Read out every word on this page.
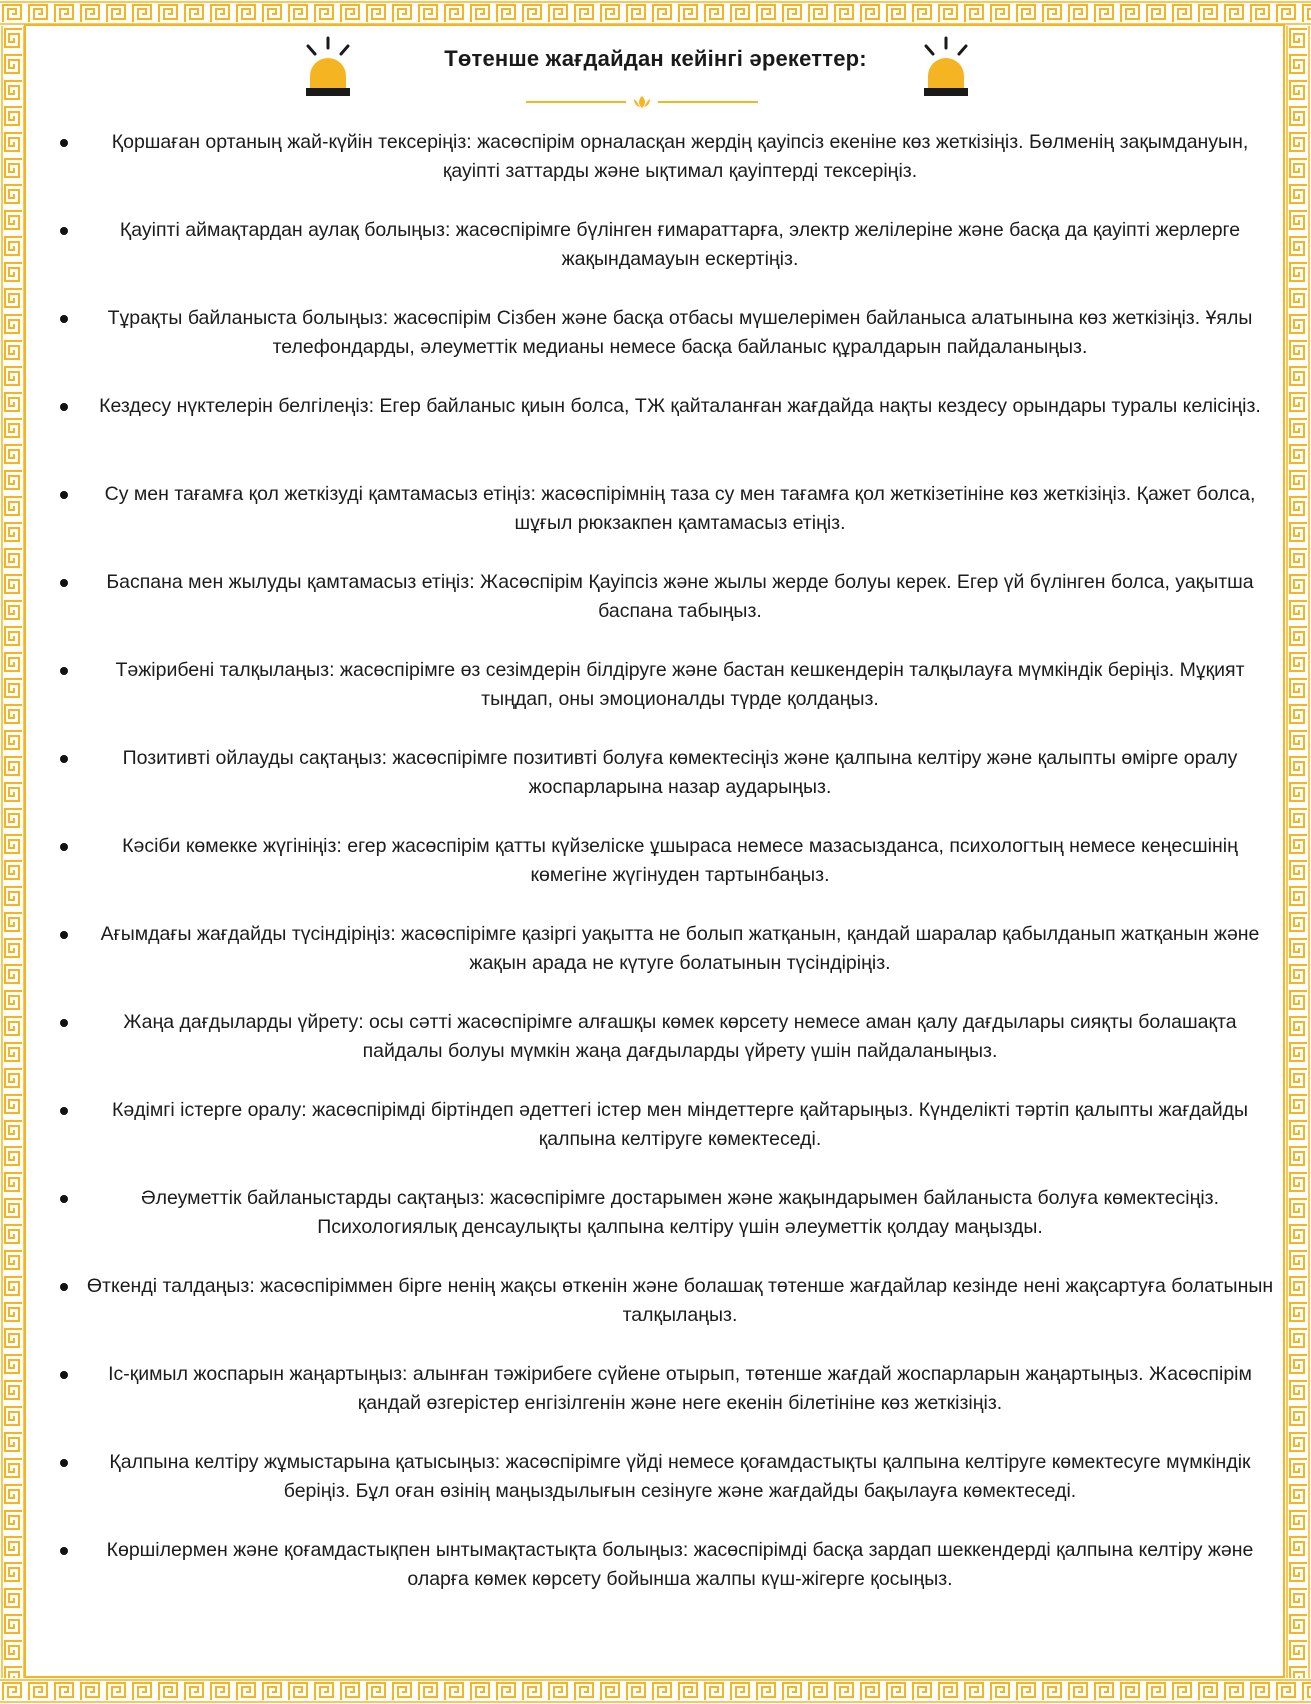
Төтенше жағдайдан кейінгі әрекеттер:
Қоршаған ортаның жай-күйін тексеріңіз: жасөспірім орналасқан жердің қауіпсіз екеніне көз жеткізіңіз. Бөлменің зақымдануын, қауіпті заттарды және ықтимал қауіптерді тексеріңіз.
Қауіпті аймақтардан аулақ болыңыз: жасөспірімге бүлінген ғимараттарға, электр желілеріне және басқа да қауіпті жерлерге жақындамауын ескертіңіз.
Тұрақты байланыста болыңыз: жасөспірім Сізбен және басқа отбасы мүшелерімен байланыса алатынына көз жеткізіңіз. Ұялы телефондарды, әлеуметтік медианы немесе басқа байланыс құралдарын пайдаланыңыз.
Кездесу нүктелерін белгілеңіз: Егер байланыс қиын болса, ТЖ қайталанған жағдайда нақты кездесу орындары туралы келісіңіз.
Су мен тағамға қол жеткізуді қамтамасыз етіңіз: жасөспірімнің таза су мен тағамға қол жеткізетініне көз жеткізіңіз. Қажет болса, шұғыл рюкзакпен қамтамасыз етіңіз.
Баспана мен жылуды қамтамасыз етіңіз: Жасөспірім Қауіпсіз және жылы жерде болуы керек. Егер үй бүлінген болса, уақытша баспана табыңыз.
Тәжірибені талқылаңыз: жасөспірімге өз сезімдерін білдіруге және бастан кешкендерін талқылауға мүмкіндік беріңіз. Мұқият тыңдап, оны эмоционалды түрде қолдаңыз.
Позитивті ойлауды сақтаңыз: жасөспірімге позитивті болуға көмектесіңіз және қалпына келтіру және қалыпты өмірге оралу жоспарларына назар аударыңыз.
Кәсіби көмекке жүгініңіз: егер жасөспірім қатты күйзеліске ұшыраса немесе мазасызданса, психологтың немесе кеңесшінің көмегіне жүгінуден тартынбаңыз.
Ағымдағы жағдайды түсіндіріңіз: жасөспірімге қазіргі уақытта не болып жатқанын, қандай шаралар қабылданып жатқанын және жақын арада не күтуге болатынын түсіндіріңіз.
Жаңа дағдыларды үйрету: осы сәтті жасөспірімге алғашқы көмек көрсету немесе аман қалу дағдылары сияқты болашақта пайдалы болуы мүмкін жаңа дағдыларды үйрету үшін пайдаланыңыз.
Кәдімгі істерге оралу: жасөспірімді біртіндеп әдеттегі істер мен міндеттерге қайтарыңыз. Күнделікті тәртіп қалыпты жағдайды қалпына келтіруге көмектеседі.
Әлеуметтік байланыстарды сақтаңыз: жасөспірімге достарымен және жақындарымен байланыста болуға көмектесіңіз. Психологиялық денсаулықты қалпына келтіру үшін әлеуметтік қолдау маңызды.
Өткенді талдаңыз: жасөспіріммен бірге ненің жақсы өткенін және болашақ төтенше жағдайлар кезінде нені жақсартуға болатынын талқылаңыз.
Іс-қимыл жоспарын жаңартыңыз: алынған тәжірибеге сүйене отырып, төтенше жағдай жоспарларын жаңартыңыз. Жасөспірім қандай өзгерістер енгізілгенін және неге екенін білетініне көз жеткізіңіз.
Қалпына келтіру жұмыстарына қатысыңыз: жасөспірімге үйді немесе қоғамдастықты қалпына келтіруге көмектесуге мүмкіндік беріңіз. Бұл оған өзінің маңыздылығын сезінуге және жағдайды бақылауға көмектеседі.
Көршілермен және қоғамдастықпен ынтымақтастықта болыңыз: жасөспірімді басқа зардап шеккендерді қалпына келтіру және оларға көмек көрсету бойынша жалпы күш-жігерге қосыңыз.
